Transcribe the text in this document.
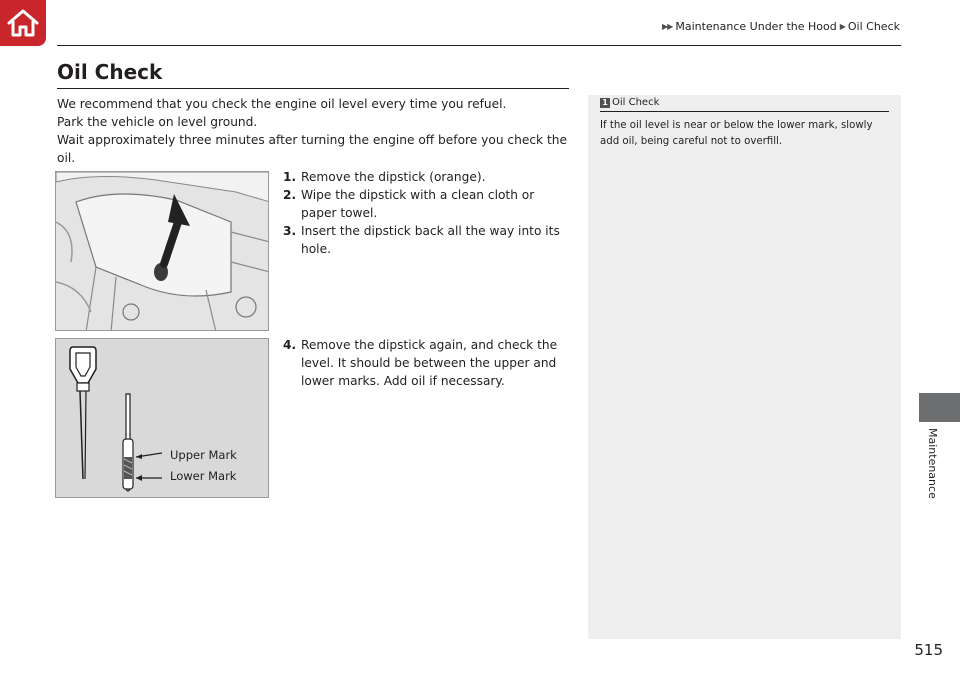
▶▶ Maintenance Under the Hood ▶ Oil Check
Maintenance
Oil Check

We recommend that you check the engine oil level every time you refuel.

Park the vehicle on level ground.

Wait approximately three minutes after turning the engine off before you check the oil.

Upper Mark
Lower Mark
1. Remove the dipstick (orange).
2. Wipe the dipstick with a clean cloth or paper towel.
3. Insert the dipstick back all the way into its hole.
4. Remove the dipstick again, and check the level. It should be between the upper and lower marks. Add oil if necessary.
1 Oil Check
If the oil level is near or below the lower mark, slowly add oil, being careful not to overfill.
515
